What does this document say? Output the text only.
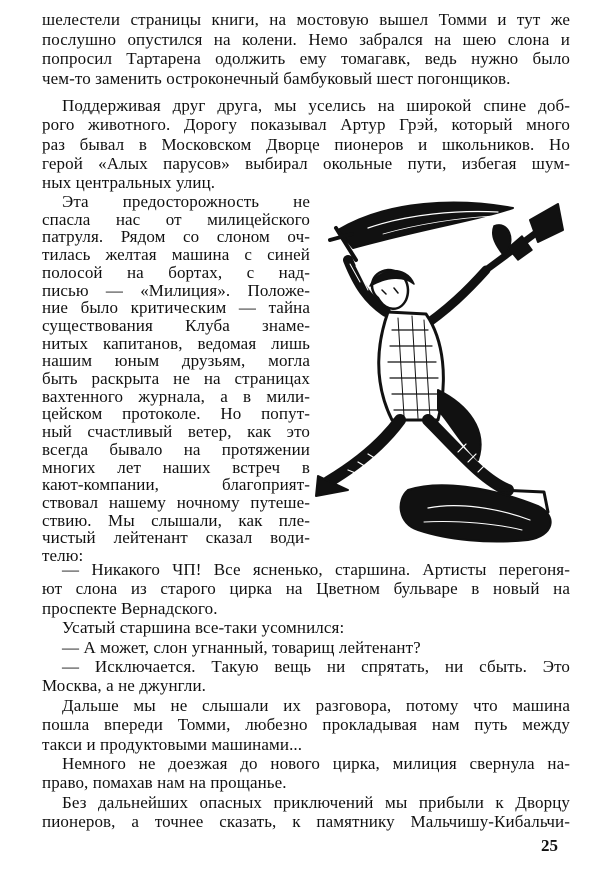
шелестели страницы книги, на мостовую вышел Томми и тут же
послушно опустился на колени. Немо забрался на шею слона и
попросил Тартарена одолжить ему томагавк, ведь нужно было
чем-то заменить остроконечный бамбуковый шест погонщиков.
Поддерживая друг друга, мы уселись на широкой спине доб-
рого животного. Дорогу показывал Артур Грэй, который много
раз бывал в Московском Дворце пионеров и школьников. Но
герой «Алых парусов» выбирал окольные пути, избегая шум-
ных центральных улиц.
Эта предосторожность не
спасла нас от милицейского
патруля. Рядом со слоном оч-
тилась желтая машина с синей
полосой на бортах, с над-
писью — «Милиция». Положе-
ние было критическим — тайна
существования Клуба знаме-
нитых капитанов, ведомая лишь
нашим юным друзьям, могла
быть раскрыта не на страницах
вахтенного журнала, а в мили-
цейском протоколе. Но попут-
ный счастливый ветер, как это
всегда бывало на протяжении
многих лет наших встреч в
кают-компании, благоприят-
ствовал нашему ночному путеше-
ствию. Мы слышали, как пле-
чистый лейтенант сказал води-
телю:
— Никакого ЧП! Все ясненько, старшина. Артисты перегоня-
ют слона из старого цирка на Цветном бульваре в новый на
проспекте Вернадского.
Усатый старшина все-таки усомнился:
— А может, слон угнанный, товарищ лейтенант?
— Исключается. Такую вещь ни спрятать, ни сбыть. Это
Москва, а не джунгли.
25
Дальше мы не слышали их разговора, потому что машина
пошла впереди Томми, любезно прокладывая нам путь между
такси и продуктовыми машинами...
Немного не доезжая до нового цирка, милиция свернула на-
право, помахав нам на прощанье.
Без дальнейших опасных приключений мы прибыли к Дворцу
пионеров, а точнее сказать, к памятнику Мальчишу-Кибальчи-
